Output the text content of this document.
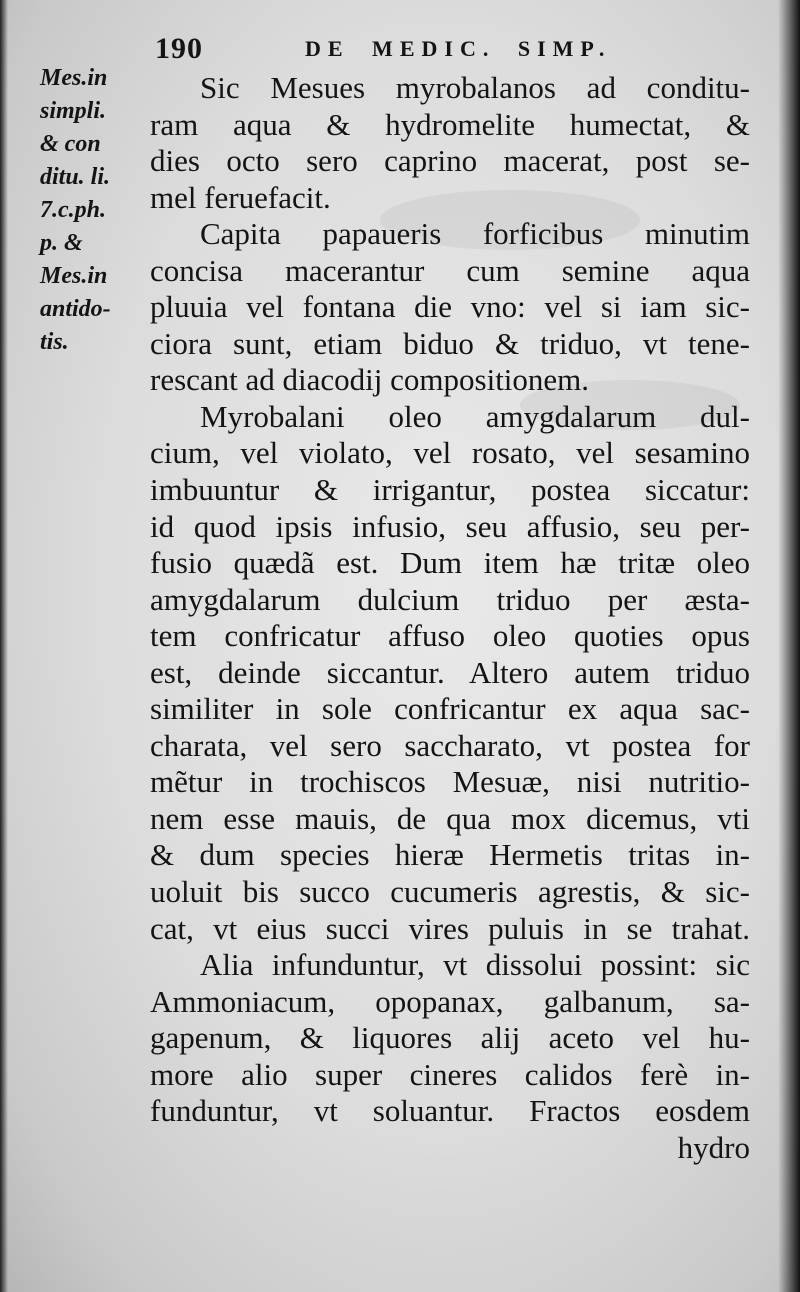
190	DE MEDIC. SIMP.
Mes.in
simpli.
& con
ditu. li.
7.c.ph.
p. &
Mes.in
antido-
tis.
Sic Mesues myrobalanos ad conditu-
ram aqua & hydromelite humectat, &
dies octo sero caprino macerat, post se-
mel feruefacit.
Capita papaueris forficibus minutim
concisa macerantur cum semine aqua
pluuia vel fontana die vno: vel si iam sic-
ciora sunt, etiam biduo & triduo, vt tene-
rescant ad diacodij compositionem.
Myrobalani oleo amygdalarum dul-
cium, vel violato, vel rosato, vel sesamino
imbuuntur & irrigantur, postea siccatur:
id quod ipsis infusio, seu affusio, seu per-
fusio quædã est. Dum item hæ tritæ oleo
amygdalarum dulcium triduo per æsta-
tem confricatur affuso oleo quoties opus
est, deinde siccantur. Altero autem triduo
similiter in sole confricantur ex aqua sac-
charata, vel sero saccharato, vt postea for
mẽtur in trochiscos Mesuæ, nisi nutritio-
nem esse mauis, de qua mox dicemus, vti
& dum species hieræ Hermetis tritas in-
uoluit bis succo cucumeris agrestis, & sic-
cat, vt eius succi vires puluis in se trahat.
Alia infunduntur, vt dissolui possint: sic
Ammoniacum, opopanax, galbanum, sa-
gapenum, & liquores alij aceto vel hu-
more alio super cineres calidos ferè in-
funduntur, vt soluantur. Fractos eosdem
hydro
